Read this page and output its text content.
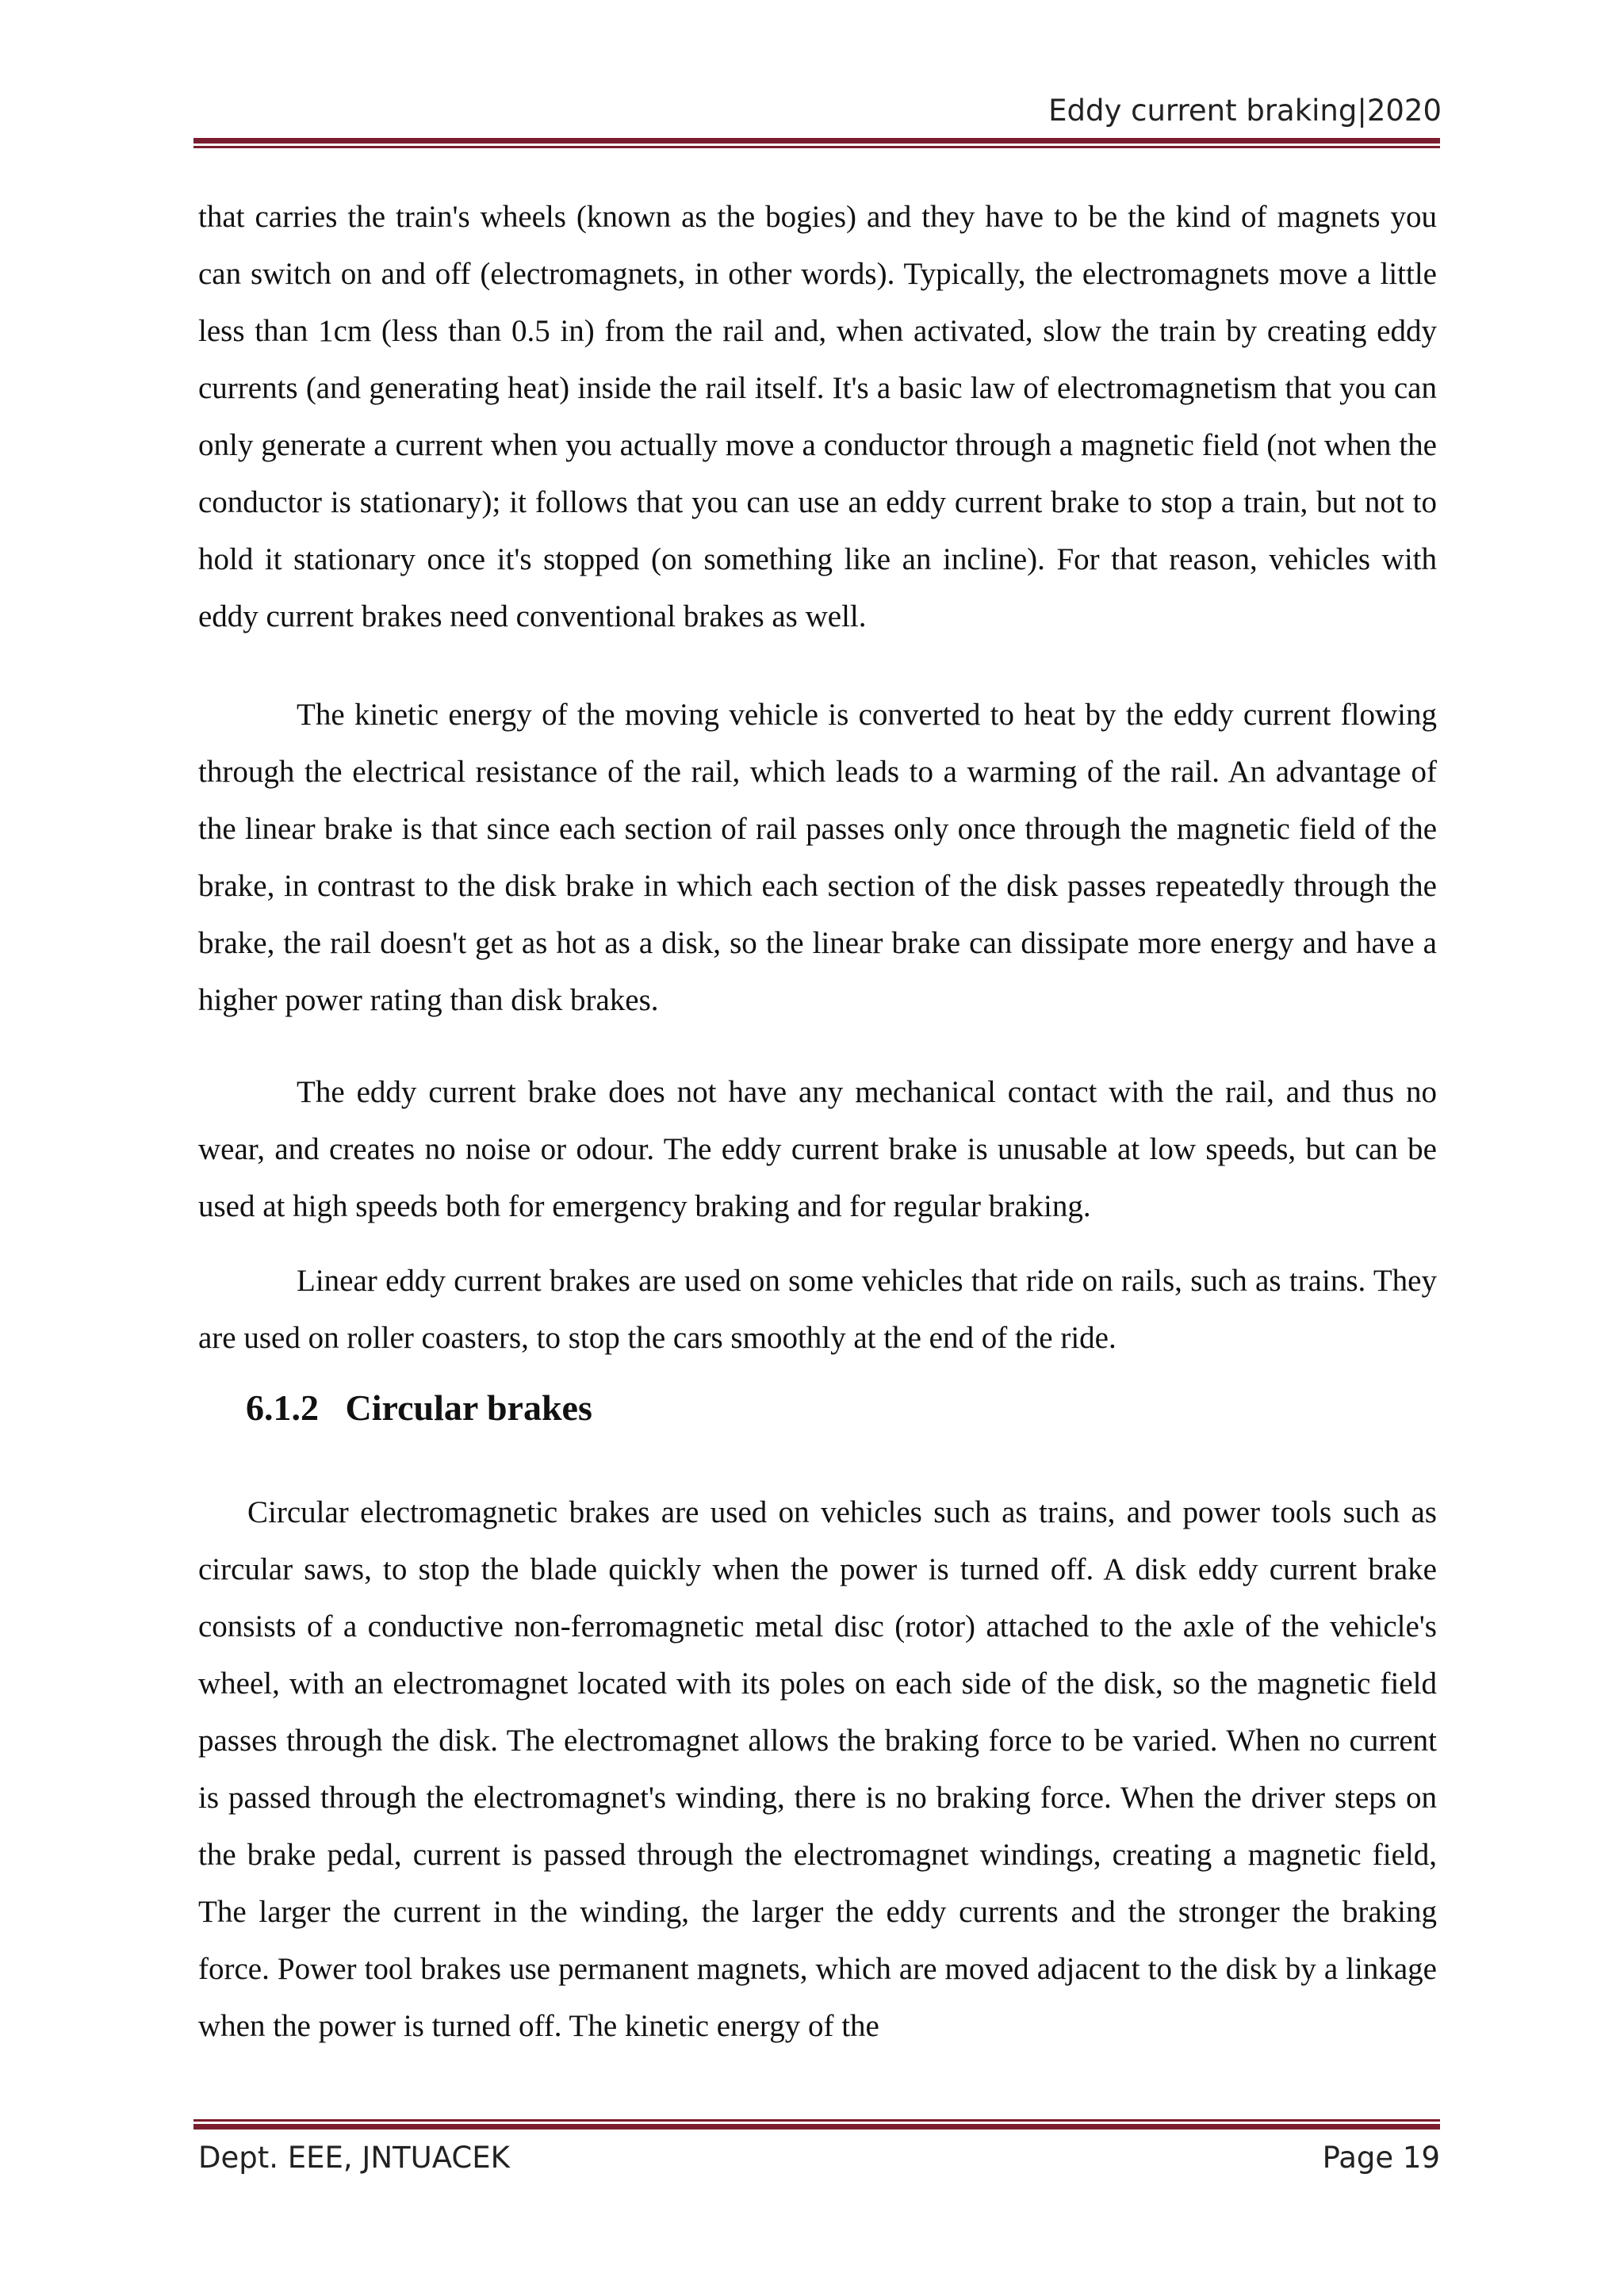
Eddy current braking|2020

that carries the train's wheels (known as the bogies) and they have to be the kind of magnets you can switch on and off (electromagnets, in other words). Typically, the electromagnets move a little less than 1cm (less than 0.5 in) from the rail and, when activated, slow the train by creating eddy currents (and generating heat) inside the rail itself. It's a basic law of electromagnetism that you can only generate a current when you actually move a conductor through a magnetic field (not when the conductor is stationary); it follows that you can use an eddy current brake to stop a train, but not to hold it stationary once it's stopped (on something like an incline). For that reason, vehicles with eddy current brakes need conventional brakes as well.

The kinetic energy of the moving vehicle is converted to heat by the eddy current flowing through the electrical resistance of the rail, which leads to a warming of the rail. An advantage of the linear brake is that since each section of rail passes only once through the magnetic field of the brake, in contrast to the disk brake in which each section of the disk passes repeatedly through the brake, the rail doesn't get as hot as a disk, so the linear brake can dissipate more energy and have a higher power rating than disk brakes.

The eddy current brake does not have any mechanical contact with the rail, and thus no wear, and creates no noise or odour. The eddy current brake is unusable at low speeds, but can be used at high speeds both for emergency braking and for regular braking.

Linear eddy current brakes are used on some vehicles that ride on rails, such as trains. They are used on roller coasters, to stop the cars smoothly at the end of the ride.

6.1.2 Circular brakes

Circular electromagnetic brakes are used on vehicles such as trains, and power tools such as circular saws, to stop the blade quickly when the power is turned off. A disk eddy current brake consists of a conductive non-ferromagnetic metal disc (rotor) attached to the axle of the vehicle's wheel, with an electromagnet located with its poles on each side of the disk, so the magnetic field passes through the disk. The electromagnet allows the braking force to be varied. When no current is passed through the electromagnet's winding, there is no braking force. When the driver steps on the brake pedal, current is passed through the electromagnet windings, creating a magnetic field, The larger the current in the winding, the larger the eddy currents and the stronger the braking force. Power tool brakes use permanent magnets, which are moved adjacent to the disk by a linkage when the power is turned off. The kinetic energy of the

Dept. EEE, JNTUACEK	Page 19
